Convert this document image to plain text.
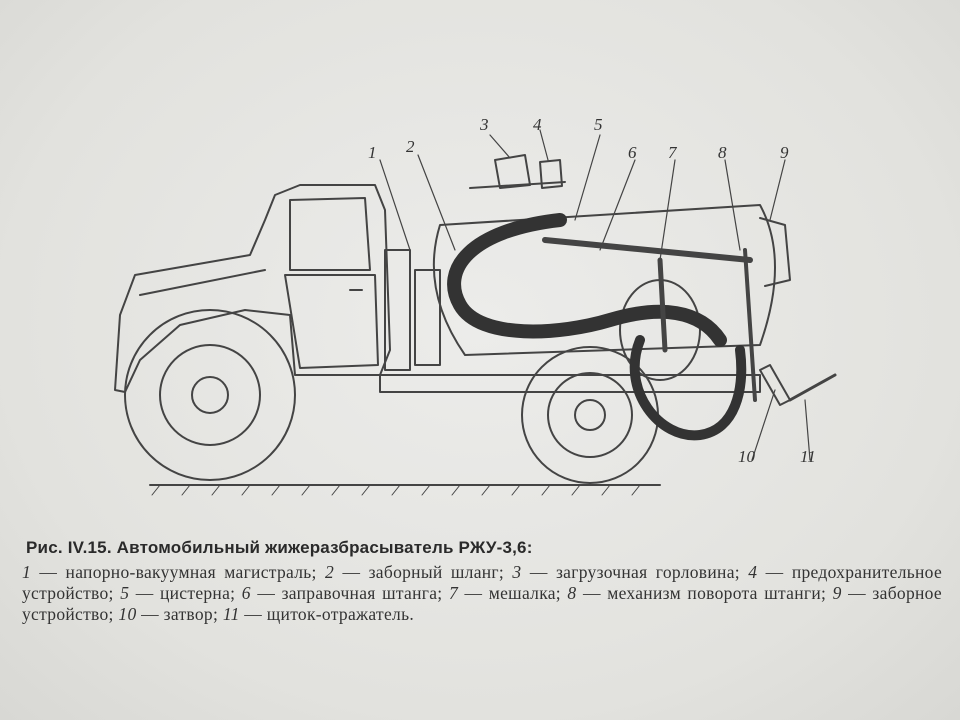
1 2
3	4	5
6 7 8	9
10	11
Рис. IV.15. Автомобильный жижеразбрасыватель РЖУ-3,6:
1 — напорно-вакуумная магистраль; 2 — заборный шланг; 3 — загрузочная горловина; 4 — предохранительное устройство; 5 — цистерна; 6 — заправочная штанга; 7 — мешалка; 8 — механизм поворота штанги; 9 — заборное устройство; 10 — затвор; 11 — щиток-отражатель.
